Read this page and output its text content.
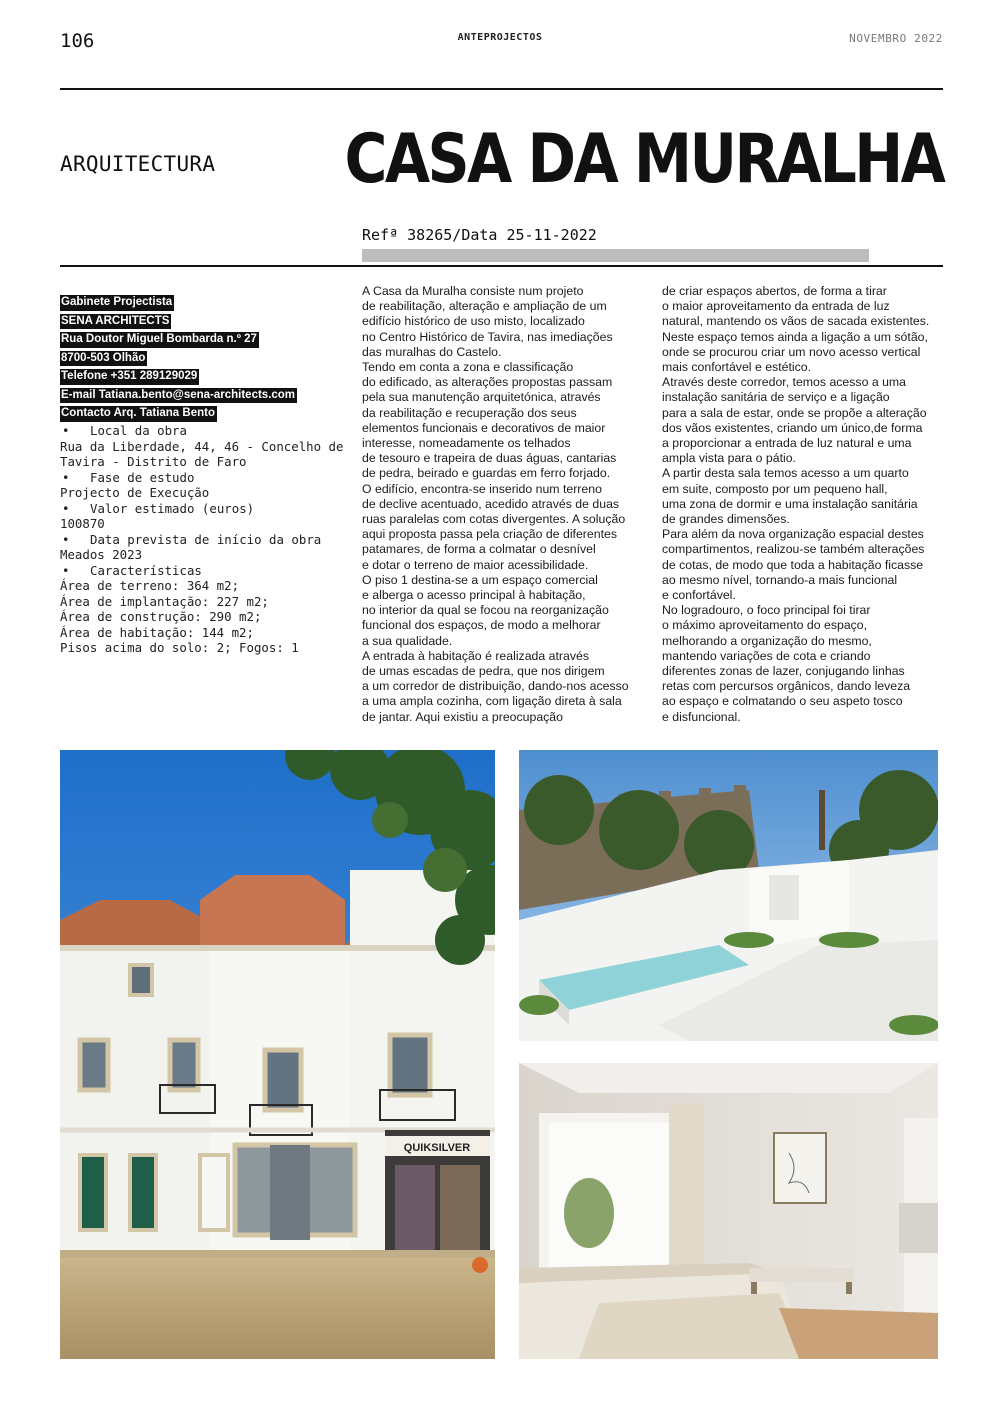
106	ANTEPROJECTOS	NOVEMBRO 2022
ARQUITECTURA CASA DA MURALHA
Refª 38265/Data 25-11-2022
Gabinete Projectista
SENA ARCHITECTS
Rua Doutor Miguel Bombarda n.º 27
8700-503 Olhão
Telefone +351 289129029
E-mail Tatiana.bento@sena-architects.com
Contacto Arq. Tatiana Bento
•	Local da obra
Rua da Liberdade, 44, 46 - Concelho de Tavira - Distrito de Faro
•	Fase de estudo
Projecto de Execução
•	Valor estimado (euros)
100870
•	Data prevista de início da obra
Meados 2023
•	Características
Área de terreno: 364 m2;
Área de implantação: 227 m2;
Área de construção: 290 m2;
Área de habitação: 144 m2;
Pisos acima do solo: 2; Fogos: 1
A Casa da Muralha consiste num projeto
de reabilitação, alteração e ampliação de um
edifício histórico de uso misto, localizado
no Centro Histórico de Tavira, nas imediações
das muralhas do Castelo.
Tendo em conta a zona e classificação
do edificado, as alterações propostas passam
pela sua manutenção arquitetónica, através
da reabilitação e recuperação dos seus
elementos funcionais e decorativos de maior
interesse, nomeadamente os telhados
de tesouro e trapeira de duas águas, cantarias
de pedra, beirado e guardas em ferro forjado.
O edifício, encontra-se inserido num terreno
de declive acentuado, acedido através de duas
ruas paralelas com cotas divergentes. A solução
aqui proposta passa pela criação de diferentes
patamares, de forma a colmatar o desnível
e dotar o terreno de maior acessibilidade.
O piso 1 destina-se a um espaço comercial
e alberga o acesso principal à habitação,
no interior da qual se focou na reorganização
funcional dos espaços, de modo a melhorar
a sua qualidade.
A entrada à habitação é realizada através
de umas escadas de pedra, que nos dirigem
a um corredor de distribuição, dando-nos acesso
a uma ampla cozinha, com ligação direta à sala
de jantar. Aqui existiu a preocupação
de criar espaços abertos, de forma a tirar
o maior aproveitamento da entrada de luz
natural, mantendo os vãos de sacada existentes.
Neste espaço temos ainda a ligação a um sótão,
onde se procurou criar um novo acesso vertical
mais confortável e estético.
Através deste corredor, temos acesso a uma
instalação sanitária de serviço e a ligação
para a sala de estar, onde se propõe a alteração
dos vãos existentes, criando um único,de forma
a proporcionar a entrada de luz natural e uma
ampla vista para o pátio.
A partir desta sala temos acesso a um quarto
em suite, composto por um pequeno hall,
uma zona de dormir e uma instalação sanitária
de grandes dimensões.
Para além da nova organização espacial destes
compartimentos, realizou-se também alterações
de cotas, de modo que toda a habitação ficasse
ao mesmo nível, tornando-a mais funcional
e confortável.
No logradouro, o foco principal foi tirar
o máximo aproveitamento do espaço,
melhorando a organização do mesmo,
mantendo variações de cota e criando
diferentes zonas de lazer, conjugando linhas
retas com percursos orgânicos, dando leveza
ao espaço e colmatando o seu aspeto tosco
e disfuncional.
QUIKSILVER
